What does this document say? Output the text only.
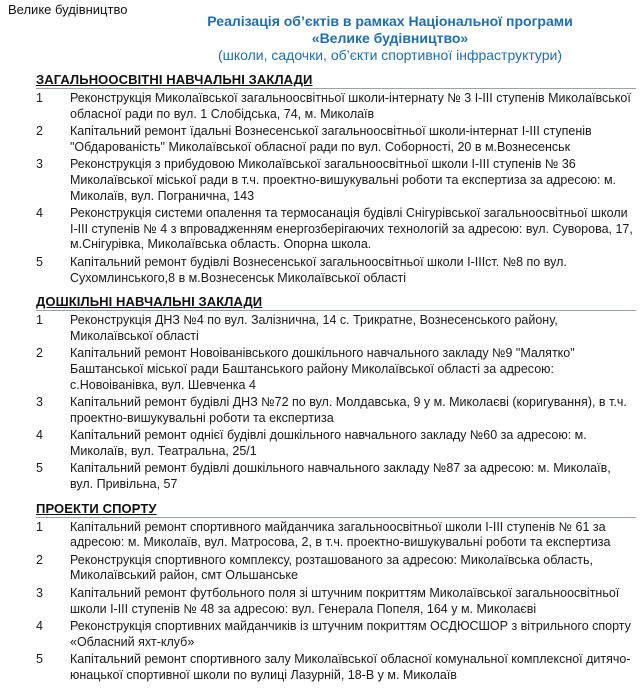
Велике будівництво
Реалізація об’єктів в рамках Національної програми
«Велике будівництво»
(школи, садочки, об’єкти спортивної інфраструктури)
ЗАГАЛЬНООСВІТНІ НАВЧАЛЬНІ ЗАКЛАДИ
1	Реконструкція Миколаївської загальноосвітньої школи-інтернату № 3 І-ІІІ ступенів Миколаївської обласної ради по вул. 1 Слобідська, 74, м. Миколаїв
2	Капітальний ремонт їдальні Вознесенської загальноосвітньої школи-інтернат І-ІІІ ступенів "Обдарованість" Миколаївської обласної ради по вул. Соборності, 20 в м.Вознесенськ
3	Реконструкція з прибудовою Миколаївської загальноосвітньої школи І-ІІІ ступенів № 36 Миколаївської міської ради в т.ч. проектно-вишукувальні роботи та експертиза за адресою: м. Миколаїв, вул. Погранична, 143
4	Реконструкція системи опалення та термосанація будівлі Снігурівської загальноосвітньої школи І-ІІІ ступенів № 4 з впровадженням енергозберігаючих технологій за адресою: вул. Суворова, 17, м.Снігурівка, Миколаївська область. Опорна школа.
5	Капітальний ремонт будівлі Вознесенської загальноосвітньої школи І-ІІІст. №8 по вул. Сухомлинського,8 в м.Вознесенськ Миколаївської області
ДОШКІЛЬНІ НАВЧАЛЬНІ ЗАКЛАДИ
1	Реконструкція ДНЗ №4 по вул. Залізнична, 14 с. Трикратне, Вознесенського району, Миколаївської області
2	Капітальний ремонт Новоіванівського дошкільного навчального закладу №9 "Малятко" Баштанської міської ради Баштанського району Миколаївської області за адресою: с.Новоіванівка, вул. Шевченка 4
3	Капітальний ремонт будівлі ДНЗ №72 по вул. Молдавська, 9 у м. Миколаєві (коригування), в т.ч. проектно-вишукувальні роботи та експертиза
4	Капітальний ремонт однієї будівлі дошкільного навчального закладу №60 за адресою: м. Миколаїв, вул. Театральна, 25/1
5	Капітальний ремонт будівлі дошкільного навчального закладу №87 за адресою: м. Миколаїв, вул. Привільна, 57
ПРОЕКТИ СПОРТУ
1	Капітальний ремонт спортивного майданчика загальноосвітньої школи І-ІІІ ступенів № 61 за адресою: м. Миколаїв, вул. Матросова, 2, в т.ч. проектно-вишукувальні роботи та експертиза
2	Реконструкція спортивного комплексу, розташованого за адресою: Миколаївська область, Миколаївський район, смт Ольшанське
3	Капітальний ремонт футбольного поля зі штучним покриттям Миколаївської загальноосвітньої школи І-ІІІ ступенів № 48 за адресою: вул. Генерала Попеля, 164 у м. Миколаєві
4	Реконструкція спортивних майданчиків із штучним покриттям ОСДЮСШОР з вітрильного спорту «Обласний яхт-клуб»
5	Капітальний ремонт спортивного залу Миколаївської обласної комунальної комплексної дитячо-юнацької спортивної школи по вулиці Лазурній, 18-В у м. Миколаїв
